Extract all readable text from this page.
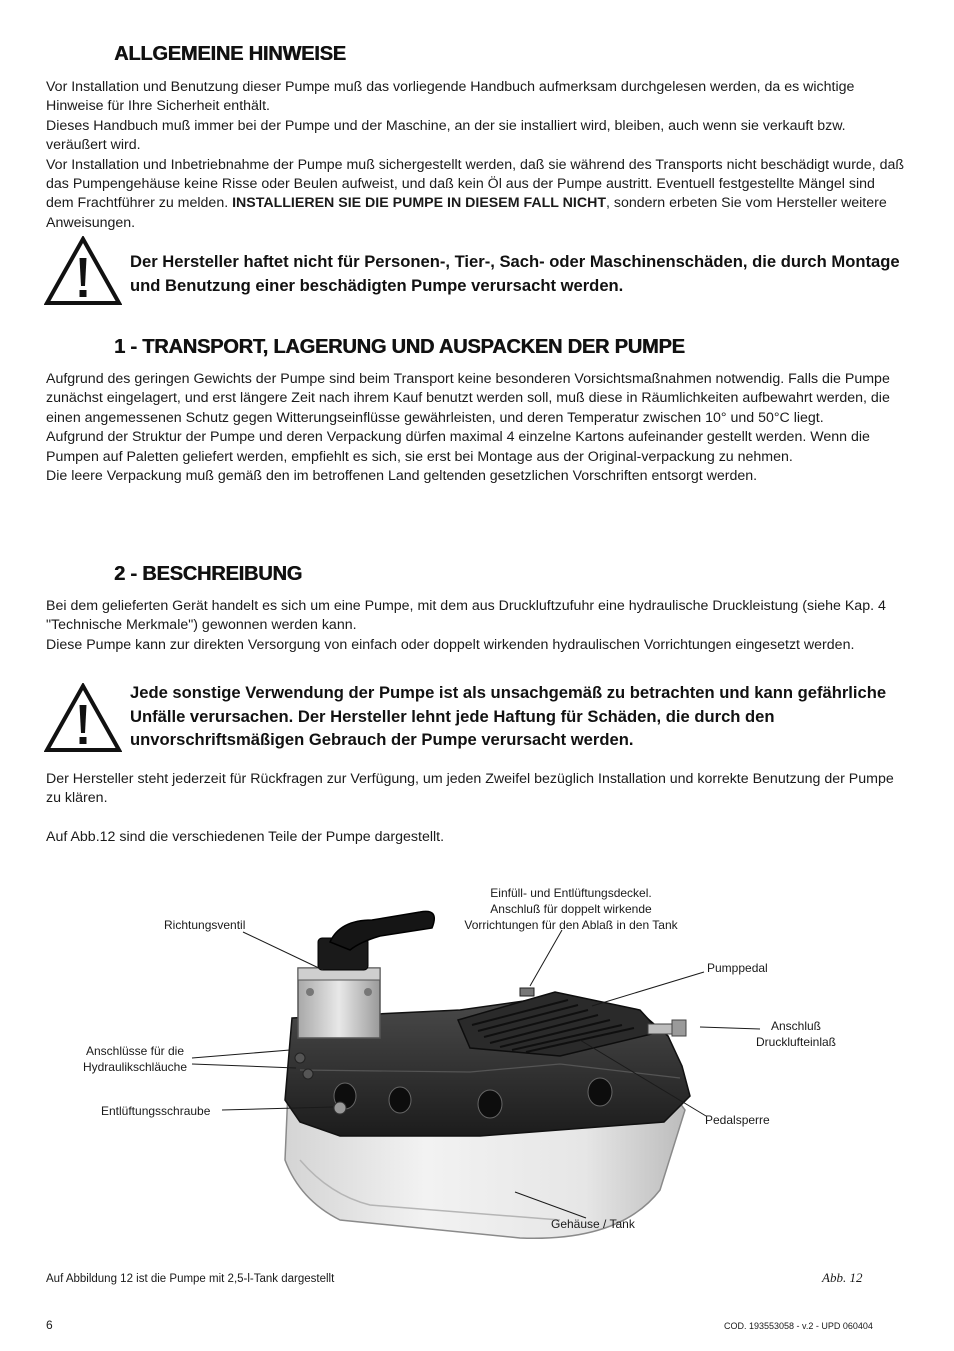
ALLGEMEINE HINWEISE

Vor Installation und Benutzung dieser Pumpe muß das vorliegende Handbuch aufmerksam durchgelesen werden, da es wichtige Hinweise für Ihre Sicherheit enthält.

Dieses Handbuch muß immer bei der Pumpe und der Maschine, an der sie installiert wird, bleiben, auch wenn sie verkauft bzw. veräußert wird.

Vor Installation und Inbetriebnahme der Pumpe muß sichergestellt werden, daß sie während des Transports nicht beschädigt wurde, daß das Pumpengehäuse keine Risse oder Beulen aufweist, und daß kein Öl aus der Pumpe austritt. Eventuell festgestellte Mängel sind dem Frachtführer zu melden. INSTALLIEREN SIE DIE PUMPE IN DIESEM FALL NICHT, sondern erbeten Sie vom Hersteller weitere Anweisungen.

Der Hersteller haftet nicht für Personen-, Tier-, Sach- oder Maschinenschäden, die durch Montage und Benutzung einer beschädigten Pumpe verursacht werden.

1 - TRANSPORT, LAGERUNG UND AUSPACKEN DER PUMPE

Aufgrund des geringen Gewichts der Pumpe sind beim Transport keine besonderen Vorsichtsmaßnahmen notwendig. Falls die Pumpe zunächst eingelagert, und erst längere Zeit nach ihrem Kauf benutzt werden soll, muß diese in Räumlichkeiten aufbewahrt werden, die einen angemessenen Schutz gegen Witterungseinflüsse gewährleisten, und deren Temperatur zwischen 10° und 50°C liegt.

Aufgrund der Struktur der Pumpe und deren Verpackung dürfen maximal 4 einzelne Kartons aufeinander gestellt werden. Wenn die Pumpen auf Paletten geliefert werden, empfiehlt es sich, sie erst bei Montage aus der Original-verpackung zu nehmen.

Die leere Verpackung muß gemäß den im betroffenen Land geltenden gesetzlichen Vorschriften entsorgt werden.

2 - BESCHREIBUNG

Bei dem gelieferten Gerät handelt es sich um eine Pumpe, mit dem aus Druckluftzufuhr eine hydraulische Druckleistung (siehe Kap. 4 "Technische Merkmale") gewonnen werden kann.

Diese Pumpe kann zur direkten Versorgung von einfach oder doppelt wirkenden hydraulischen Vorrichtungen eingesetzt werden.

Jede sonstige Verwendung der Pumpe ist als unsachgemäß zu betrachten und kann gefährliche Unfälle verursachen. Der Hersteller lehnt jede Haftung für Schäden, die durch den unvorschriftsmäßigen Gebrauch der Pumpe verursacht werden.

Der Hersteller steht jederzeit für Rückfragen zur Verfügung, um jeden Zweifel bezüglich Installation und korrekte Benutzung der Pumpe zu klären.

Auf Abb.12 sind die verschiedenen Teile der Pumpe dargestellt.

Richtungsventil
Einfüll- und Entlüftungsdeckel.
Anschluß für doppelt wirkende
Vorrichtungen für den Ablaß in den Tank
Pumppedal
Anschluß
Drucklufteinlaß
Anschlüsse für die
Hydraulikschläuche
Entlüftungsschraube
Pedalsperre
Gehäuse / Tank
Auf Abbildung 12 ist die Pumpe mit 2,5-l-Tank dargestellt	Abb. 12
6	COD. 193553058 - v.2 - UPD 060404
